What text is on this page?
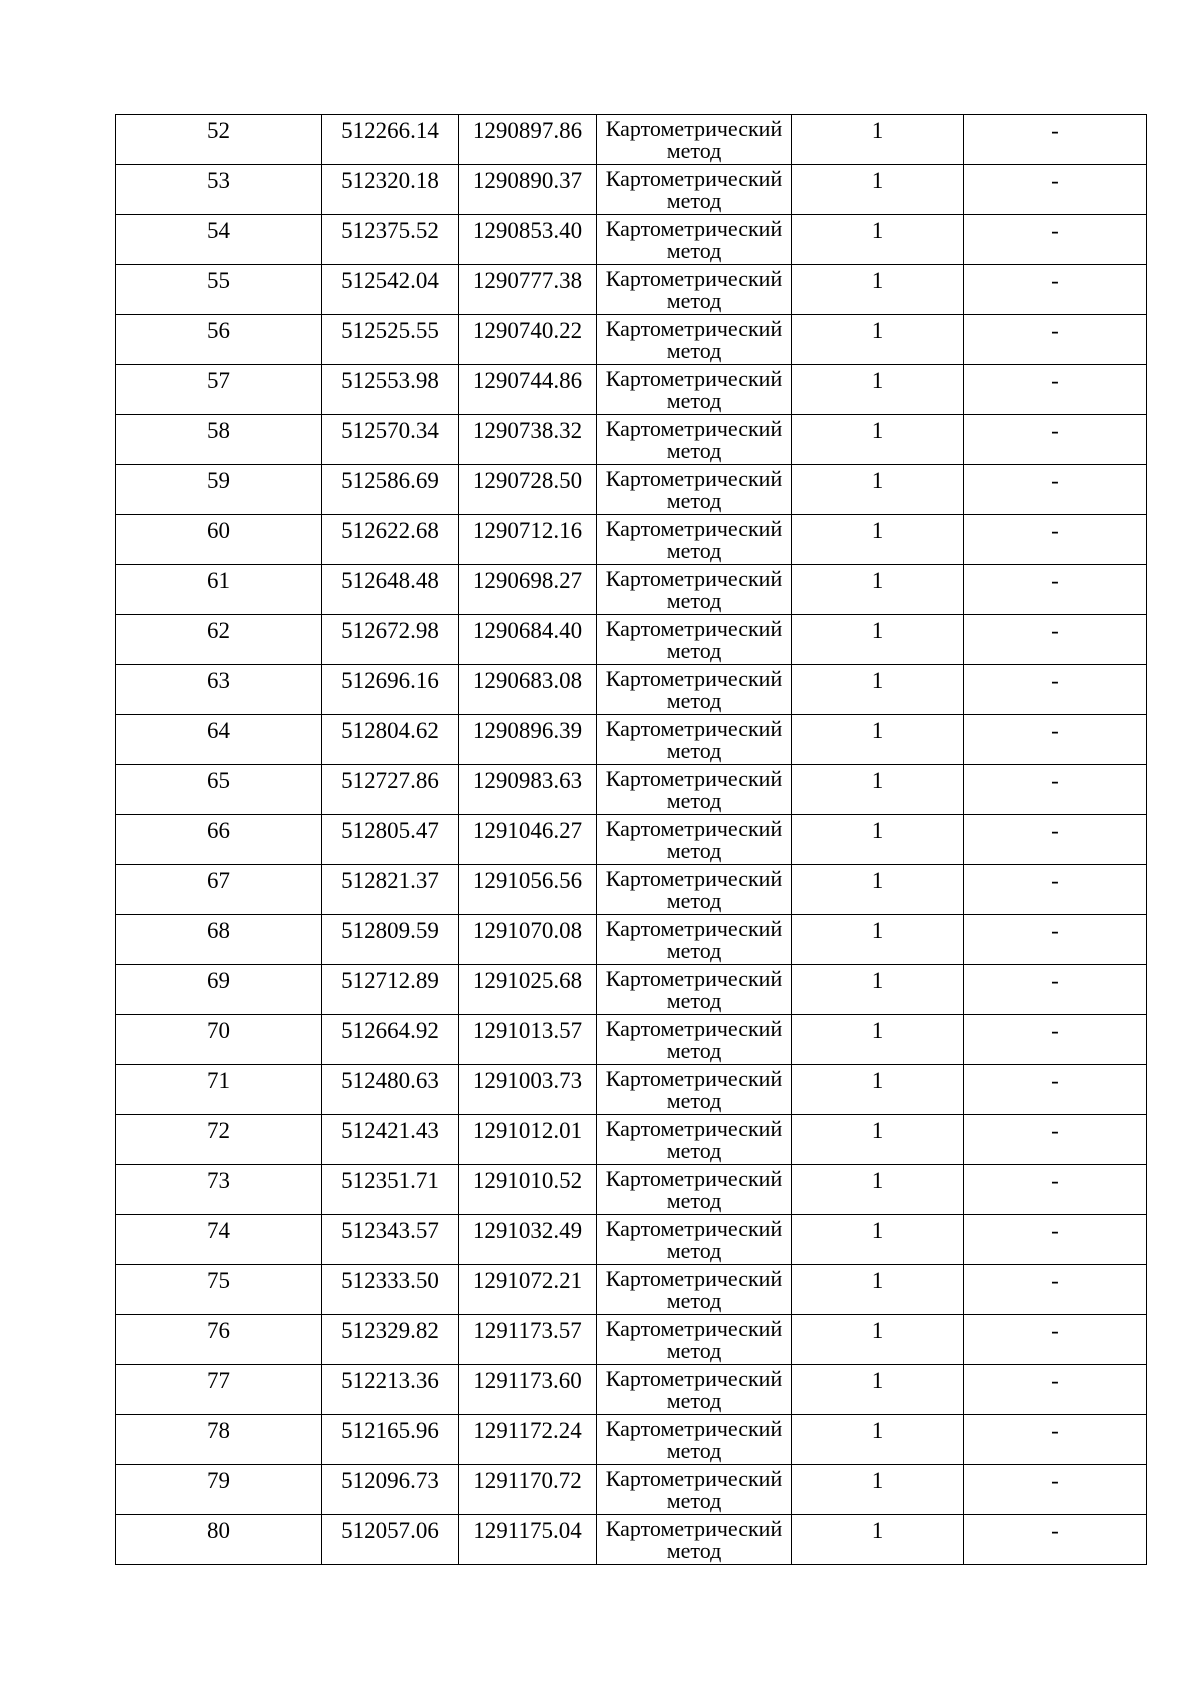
52	512266.14	1290897.86	Картометрический
метод	1	-

53	512320.18	1290890.37	Картометрический
метод	1	-

54	512375.52	1290853.40	Картометрический
метод	1	-

55	512542.04	1290777.38	Картометрический
метод	1	-

56	512525.55	1290740.22	Картометрический
метод	1	-

57	512553.98	1290744.86	Картометрический
метод	1	-

58	512570.34	1290738.32	Картометрический
метод	1	-

59	512586.69	1290728.50	Картометрический
метод	1	-

60	512622.68	1290712.16	Картометрический
метод	1	-

61	512648.48	1290698.27	Картометрический
метод	1	-

62	512672.98	1290684.40	Картометрический
метод	1	-

63	512696.16	1290683.08	Картометрический
метод	1	-

64	512804.62	1290896.39	Картометрический
метод	1	-

65	512727.86	1290983.63	Картометрический
метод	1	-

66	512805.47	1291046.27	Картометрический
метод	1	-

67	512821.37	1291056.56	Картометрический
метод	1	-

68	512809.59	1291070.08	Картометрический
метод	1	-

69	512712.89	1291025.68	Картометрический
метод	1	-

70	512664.92	1291013.57	Картометрический
метод	1	-

71	512480.63	1291003.73	Картометрический
метод	1	-

72	512421.43	1291012.01	Картометрический
метод	1	-

73	512351.71	1291010.52	Картометрический
метод	1	-

74	512343.57	1291032.49	Картометрический
метод	1	-

75	512333.50	1291072.21	Картометрический
метод	1	-

76	512329.82	1291173.57	Картометрический
метод	1	-

77	512213.36	1291173.60	Картометрический
метод	1	-

78	512165.96	1291172.24	Картометрический
метод	1	-

79	512096.73	1291170.72	Картометрический
метод	1	-

80	512057.06	1291175.04	Картометрический
метод	1	-
